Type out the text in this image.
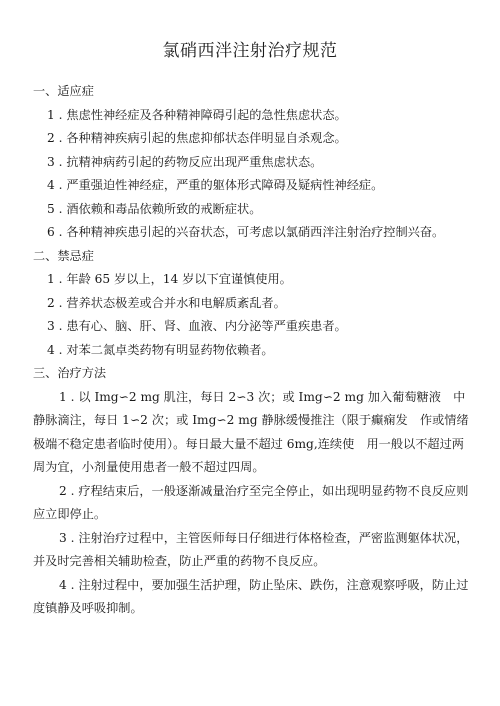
氯硝西泮注射治疗规范

一、适应症

1 . 焦虑性神经症及各种精神障碍引起的急性焦虑状态。

2 . 各种精神疾病引起的焦虑抑郁状态伴明显自杀观念。

3 . 抗精神病药引起的药物反应出现严重焦虑状态。

4 . 严重强迫性神经症，严重的躯体形式障碍及疑病性神经症。

5 . 酒依赖和毒品依赖所致的戒断症状。

6 . 各种精神疾患引起的兴奋状态，可考虑以氯硝西泮注射治疗控制兴奋。

二、禁忌症

1 . 年龄 65 岁以上，14 岁以下宜谨慎使用。

2 . 营养状态极差或合并水和电解质紊乱者。

3 . 患有心、脑、肝、肾、血液、内分泌等严重疾患者。

4 . 对苯二氮卓类药物有明显药物依赖者。

三、治疗方法

1 . 以 Img∽2 mg 肌注，每日 2∽3 次；或 Img∽2 mg 加入葡萄糖液　中静脉滴注，每日 1∽2 次；或 Img∽2 mg 静脉缓慢推注（限于癫痫发　作或情绪极端不稳定患者临时使用）。每日最大量不超过 6mg,连续使　用一般以不超过两周为宜，小剂量使用患者一般不超过四周。

2 . 疗程结束后，一般逐渐减量治疗至完全停止，如出现明显药物不良反应则应立即停止。

3 . 注射治疗过程中，主管医师每日仔细进行体格检查，严密监测躯体状况，并及时完善相关辅助检查，防止严重的药物不良反应。

4 . 注射过程中，要加强生活护理，防止坠床、跌伤，注意观察呼吸，防止过度镇静及呼吸抑制。
